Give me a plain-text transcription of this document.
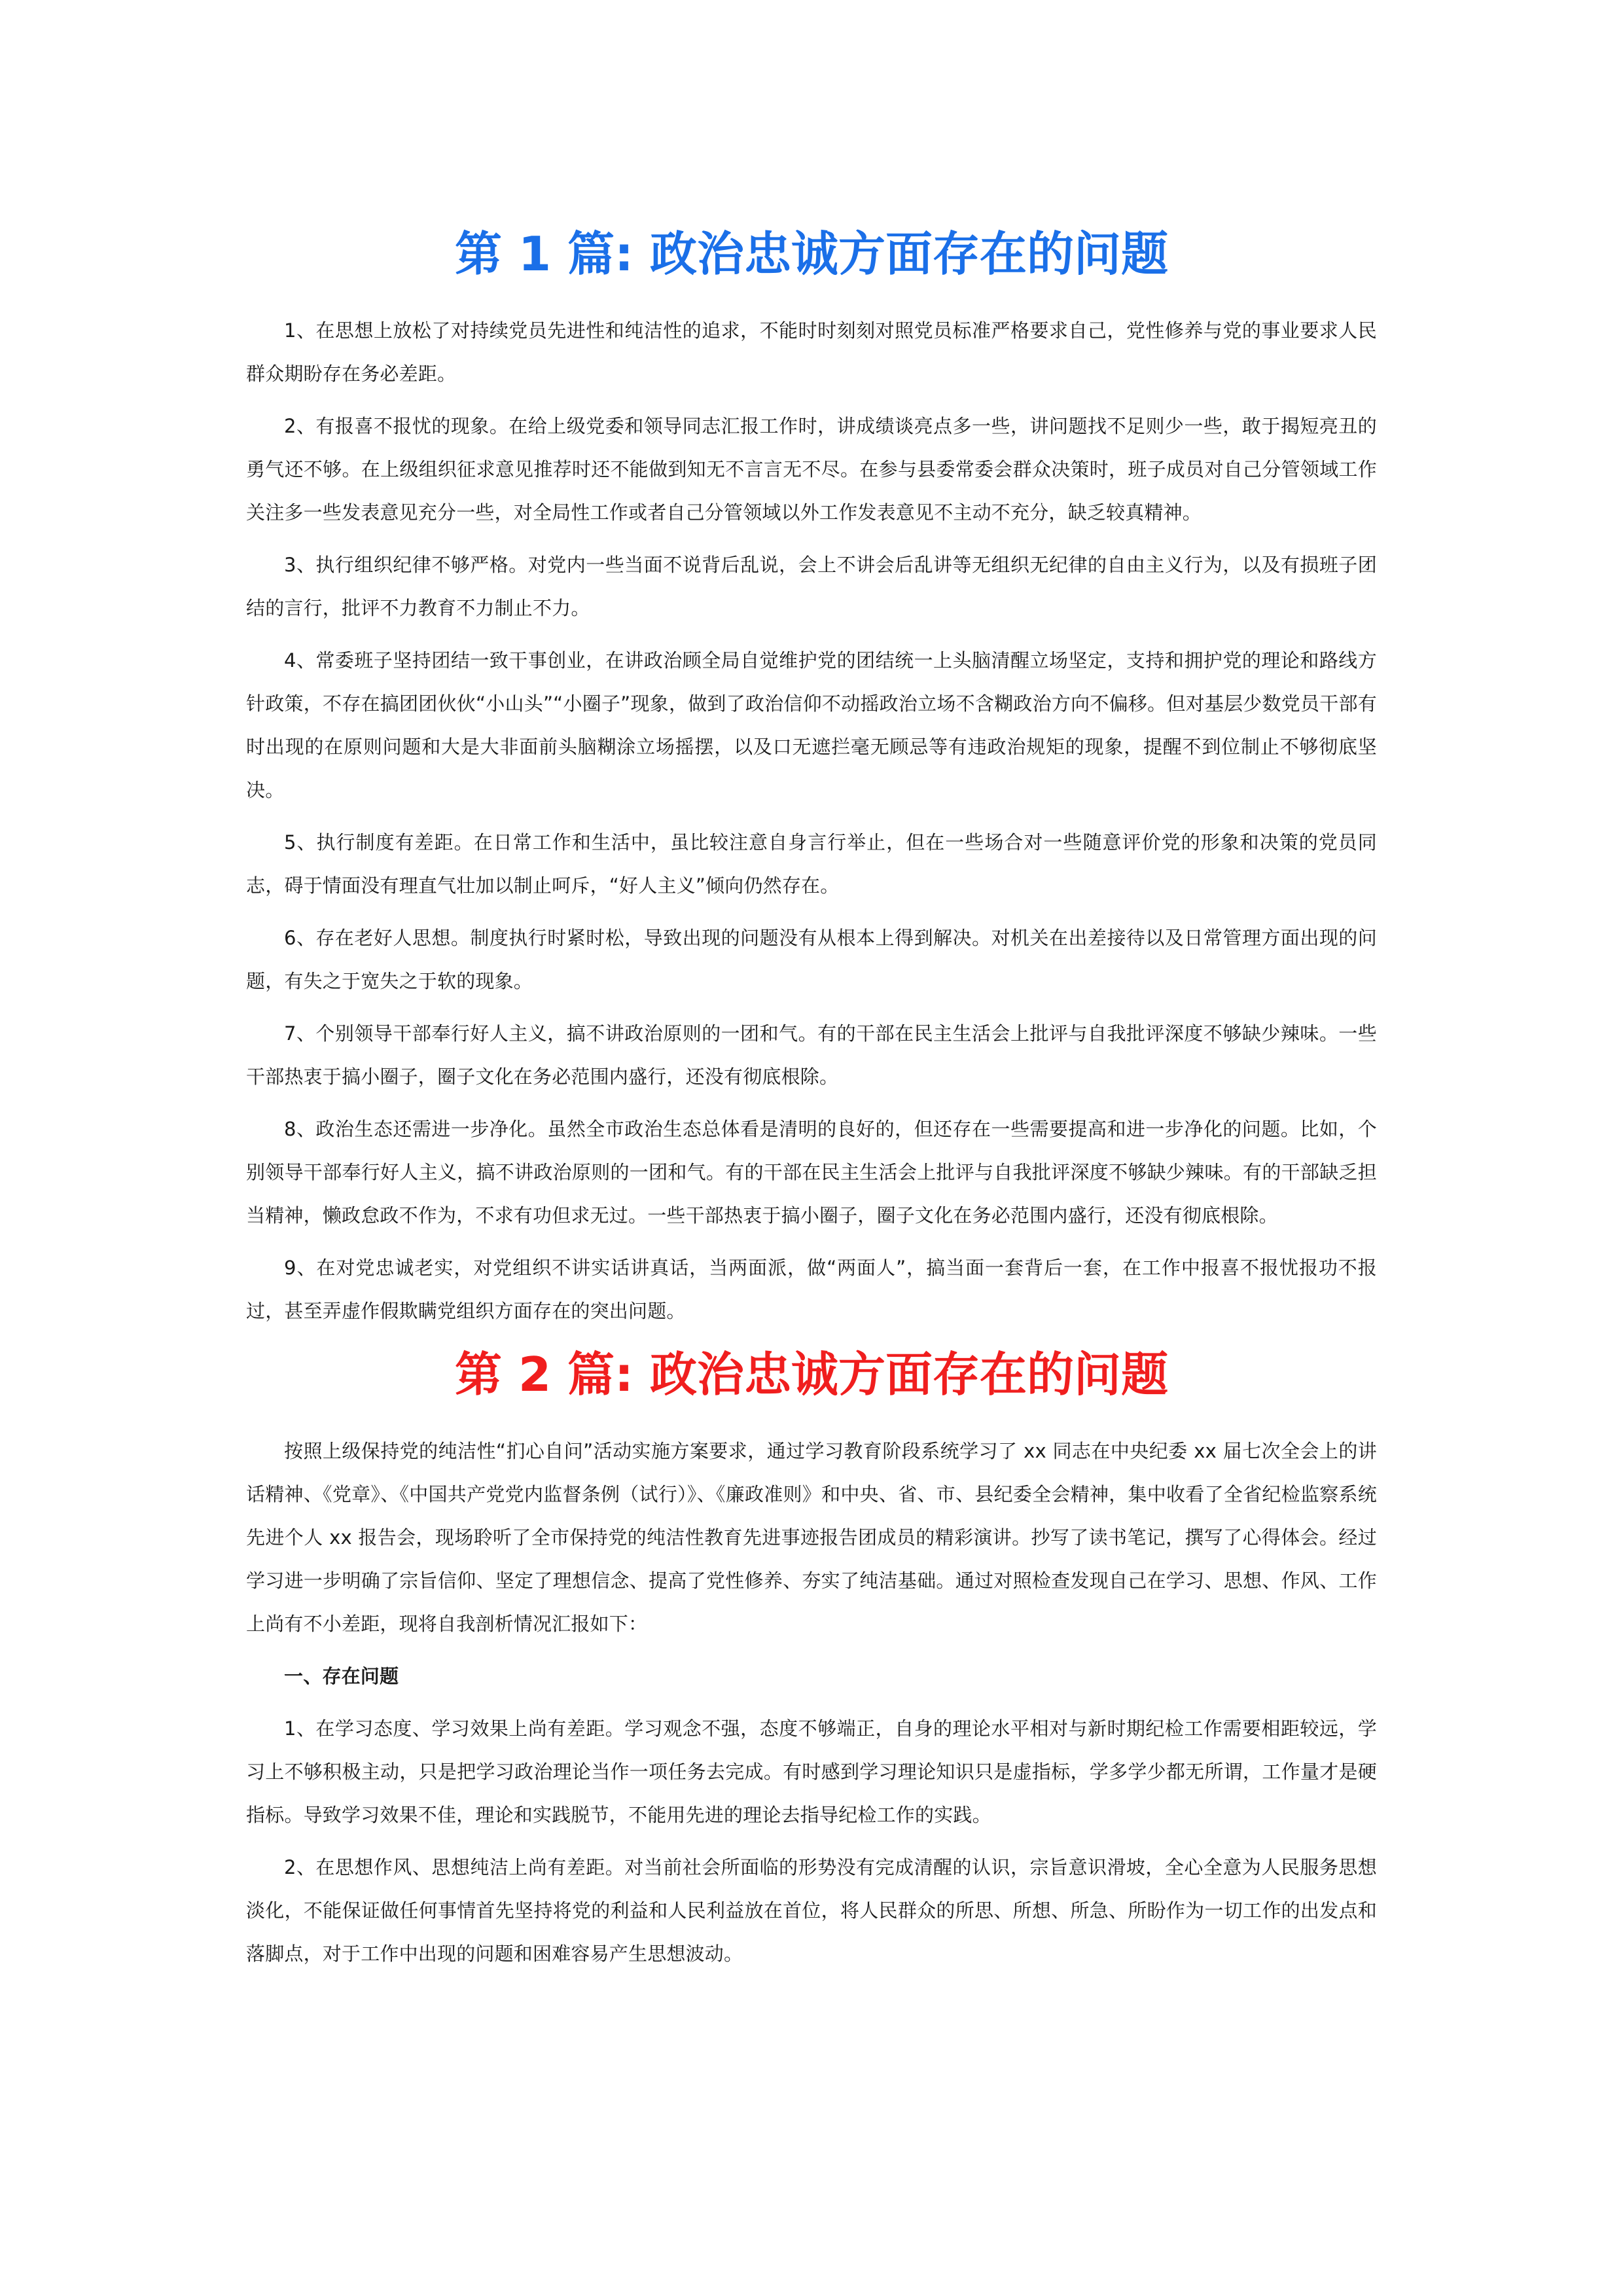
第 1 篇: 政治忠诚方面存在的问题

1、在思想上放松了对持续党员先进性和纯洁性的追求，不能时时刻刻对照党员标准严格要求自己，党性修养与党的事业要求人民群众期盼存在务必差距。

2、有报喜不报忧的现象。在给上级党委和领导同志汇报工作时，讲成绩谈亮点多一些，讲问题找不足则少一些，敢于揭短亮丑的勇气还不够。在上级组织征求意见推荐时还不能做到知无不言言无不尽。在参与县委常委会群众决策时，班子成员对自己分管领域工作关注多一些发表意见充分一些，对全局性工作或者自己分管领域以外工作发表意见不主动不充分，缺乏较真精神。

3、执行组织纪律不够严格。对党内一些当面不说背后乱说，会上不讲会后乱讲等无组织无纪律的自由主义行为，以及有损班子团结的言行，批评不力教育不力制止不力。

4、常委班子坚持团结一致干事创业，在讲政治顾全局自觉维护党的团结统一上头脑清醒立场坚定，支持和拥护党的理论和路线方针政策，不存在搞团团伙伙“小山头”“小圈子”现象，做到了政治信仰不动摇政治立场不含糊政治方向不偏移。但对基层少数党员干部有时出现的在原则问题和大是大非面前头脑糊涂立场摇摆，以及口无遮拦毫无顾忌等有违政治规矩的现象，提醒不到位制止不够彻底坚决。

5、执行制度有差距。在日常工作和生活中，虽比较注意自身言行举止，但在一些场合对一些随意评价党的形象和决策的党员同志，碍于情面没有理直气壮加以制止呵斥，“好人主义”倾向仍然存在。

6、存在老好人思想。制度执行时紧时松，导致出现的问题没有从根本上得到解决。对机关在出差接待以及日常管理方面出现的问题，有失之于宽失之于软的现象。

7、个别领导干部奉行好人主义，搞不讲政治原则的一团和气。有的干部在民主生活会上批评与自我批评深度不够缺少辣味。一些干部热衷于搞小圈子，圈子文化在务必范围内盛行，还没有彻底根除。

8、政治生态还需进一步净化。虽然全市政治生态总体看是清明的良好的，但还存在一些需要提高和进一步净化的问题。比如，个别领导干部奉行好人主义，搞不讲政治原则的一团和气。有的干部在民主生活会上批评与自我批评深度不够缺少辣味。有的干部缺乏担当精神，懒政怠政不作为，不求有功但求无过。一些干部热衷于搞小圈子，圈子文化在务必范围内盛行，还没有彻底根除。

9、在对党忠诚老实，对党组织不讲实话讲真话，当两面派，做“两面人”，搞当面一套背后一套，在工作中报喜不报忧报功不报过，甚至弄虚作假欺瞒党组织方面存在的突出问题。

第 2 篇: 政治忠诚方面存在的问题

按照上级保持党的纯洁性“扪心自问”活动实施方案要求，通过学习教育阶段系统学习了 xx 同志在中央纪委 xx 届七次全会上的讲话精神、《党章》、《中国共产党党内监督条例（试行）》、《廉政准则》和中央、省、市、县纪委全会精神，集中收看了全省纪检监察系统先进个人 xx 报告会，现场聆听了全市保持党的纯洁性教育先进事迹报告团成员的精彩演讲。抄写了读书笔记，撰写了心得体会。经过学习进一步明确了宗旨信仰、坚定了理想信念、提高了党性修养、夯实了纯洁基础。通过对照检查发现自己在学习、思想、作风、工作上尚有不小差距，现将自我剖析情况汇报如下：

一、存在问题

1、在学习态度、学习效果上尚有差距。学习观念不强，态度不够端正，自身的理论水平相对与新时期纪检工作需要相距较远，学习上不够积极主动，只是把学习政治理论当作一项任务去完成。有时感到学习理论知识只是虚指标，学多学少都无所谓，工作量才是硬指标。导致学习效果不佳，理论和实践脱节，不能用先进的理论去指导纪检工作的实践。

2、在思想作风、思想纯洁上尚有差距。对当前社会所面临的形势没有完成清醒的认识，宗旨意识滑坡，全心全意为人民服务思想淡化，不能保证做任何事情首先坚持将党的利益和人民利益放在首位，将人民群众的所思、所想、所急、所盼作为一切工作的出发点和落脚点，对于工作中出现的问题和困难容易产生思想波动。
